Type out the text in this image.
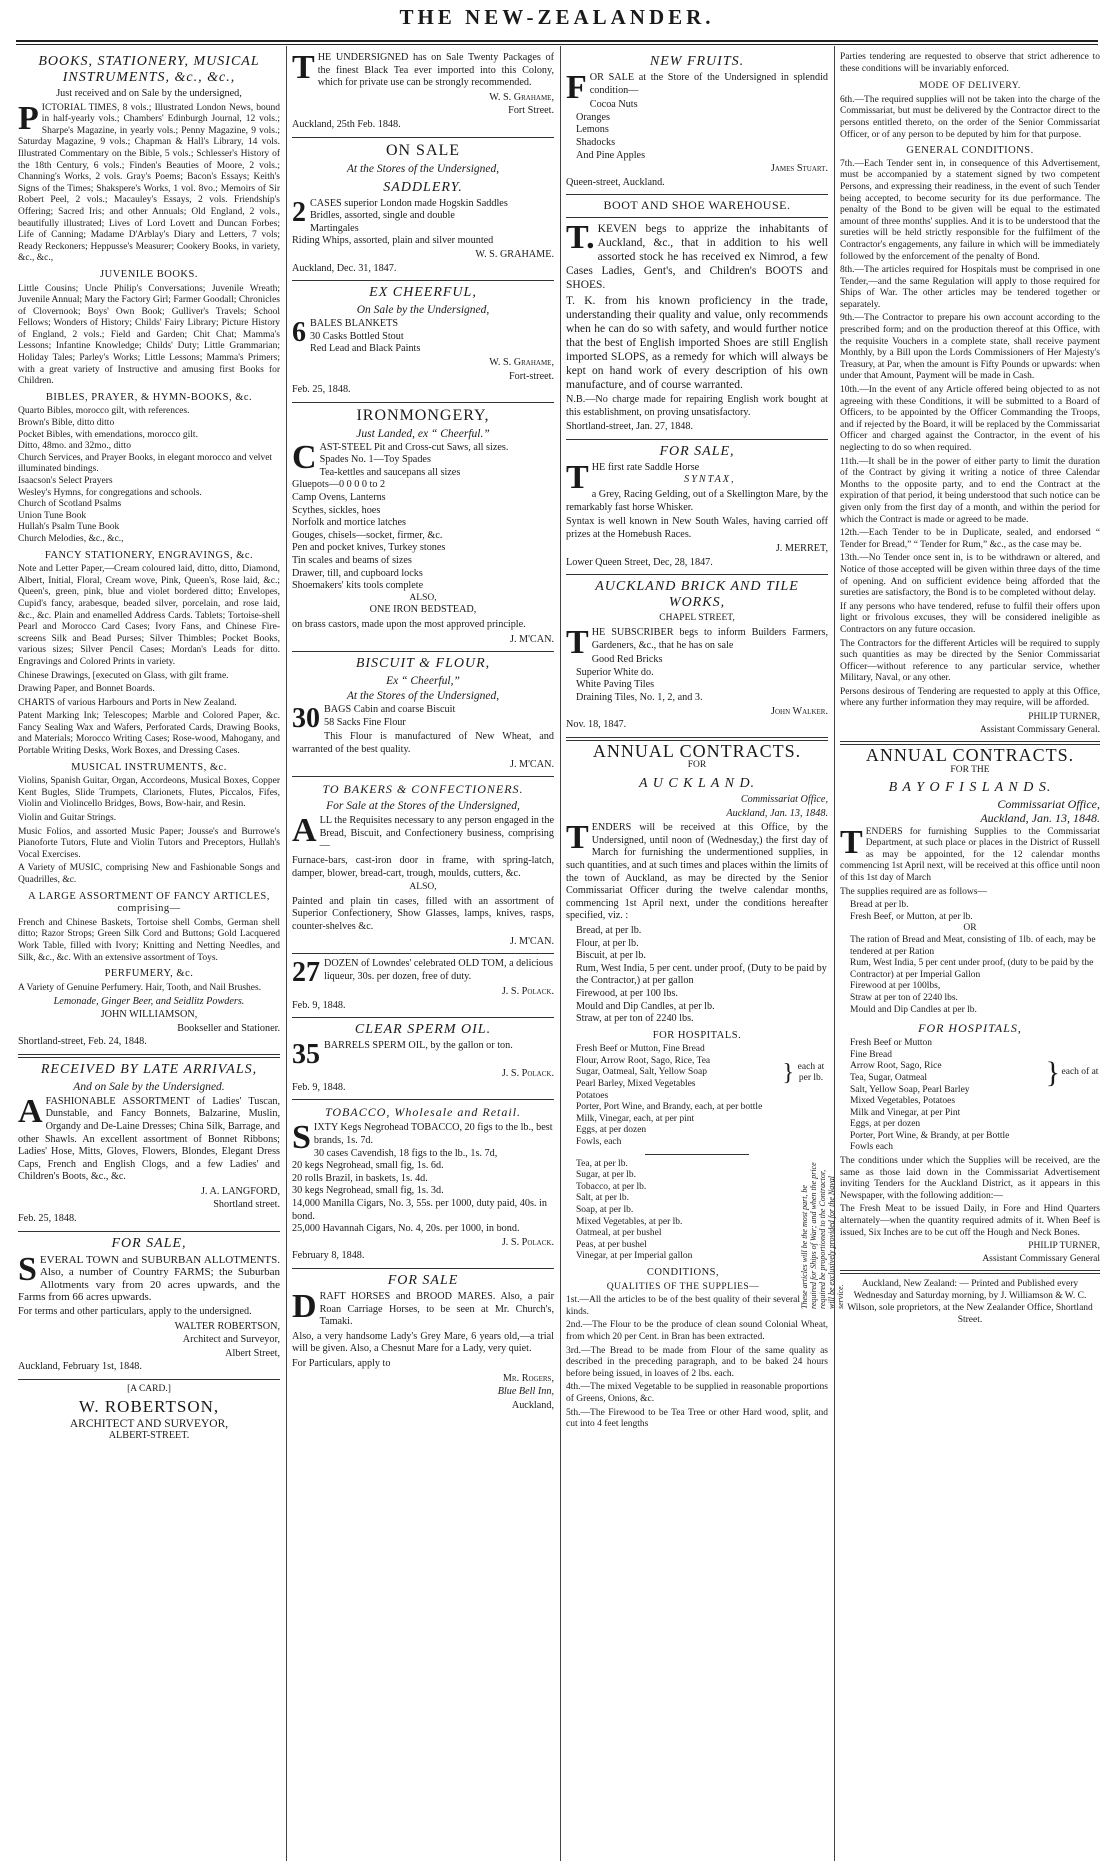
THE NEW-ZEALANDER.
BOOKS, STATIONERY, MUSICAL INSTRUMENTS, &c., &c.,
Just received and on Sale by the undersigned,
PICTORIAL TIMES, 8 vols.; Illustrated London News, bound in half-yearly vols.; Chambers' Edinburgh Journal, 12 vols.; Sharpe's Magazine, in yearly vols.; Penny Magazine, 9 vols.; Saturday Magazine, 9 vols.; Chapman & Hall's Library, 14 vols. Illustrated Commentary on the Bible, 5 vols.; Schlesser's History of the 18th Century, 6 vols.; Finden's Beauties of Moore, 2 vols.; Channing's Works, 2 vols. Gray's Poems; Bacon's Essays; Keith's Signs of the Times; Shakspere's Works, 1 vol. 8vo.; Memoirs of Sir Robert Peel, 2 vols.; Macauley's Essays, 2 vols. Friendship's Offering; Sacred Iris; and other Annuals; Old England, 2 vols., beautifully illustrated; Lives of Lord Lovett and Duncan Forbes; Life of Canning; Madame D'Arblay's Diary and Letters, 7 vols; Ready Reckoners; Heppusse's Measurer; Cookery Books, in variety, &c., &c.,
JUVENILE BOOKS.
Little Cousins; Uncle Philip's Conversations; Juvenile Wreath; Juvenile Annual; Mary the Factory Girl; Farmer Goodall; Chronicles of Clovernook; Boys' Own Book; Gulliver's Travels; School Fellows; Wonders of History; Childs' Fairy Library; Picture History of England, 2 vols.; Field and Garden; Chit Chat; Mamma's Lessons; Infantine Knowledge; Childs' Duty; Little Grammarian; Holiday Tales; Parley's Works; Little Lessons; Mamma's Primers; with a great variety of Instructive and amusing first Books for Children.
BIBLES, PRAYER, & HYMN-BOOKS, &c.
Quarto Bibles, morocco gilt, with references.
Brown's Bible, ditto ditto
Pocket Bibles, with emendations, morocco gilt.
Ditto, 48mo. and 32mo., ditto
Church Services, and Prayer Books, in elegant morocco and velvet illuminated bindings.
Isaacson's Select Prayers
Wesley's Hymns, for congregations and schools.
Church of Scotland Psalms
Union Tune Book
Hullah's Psalm Tune Book
Church Melodies, &c., &c.,
FANCY STATIONERY, ENGRAVINGS, &c.
Note and Letter Paper,—Cream coloured laid, ditto, ditto, Diamond, Albert, Initial, Floral, Cream wove, Pink, Queen's, Rose laid, &c.; Queen's, green, pink, blue and violet bordered ditto; Envelopes, Cupid's fancy, arabesque, beaded silver, porcelain, and rose laid, &c., &c. Plain and enamelled Address Cards. Tablets; Tortoise-shell Pearl and Morocco Card Cases; Ivory Fans, and Chinese Fire-screens Silk and Bead Purses; Silver Thimbles; Pocket Books, various sizes; Silver Pencil Cases; Mordan's Leads for ditto. Engravings and Colored Prints in variety.
Chinese Drawings, [executed on Glass, with gilt frame.
Drawing Paper, and Bonnet Boards.
CHARTS of various Harbours and Ports in New Zealand.
Patent Marking Ink; Telescopes; Marble and Colored Paper, &c. Fancy Sealing Wax and Wafers, Perforated Cards, Drawing Books, and Materials; Morocco Writing Cases; Rose-wood, Mahogany, and Portable Writing Desks, Work Boxes, and Dressing Cases.
MUSICAL INSTRUMENTS, &c.
Violins, Spanish Guitar, Organ, Accordeons, Musical Boxes, Copper Kent Bugles, Slide Trumpets, Clarionets, Flutes, Piccalos, Fifes, Violin and Violincello Bridges, Bows, Bow-hair, and Resin.
Violin and Guitar Strings.
Music Folios, and assorted Music Paper; Jousse's and Burrowe's Pianoforte Tutors, Flute and Violin Tutors and Preceptors, Hullah's Vocal Exercises.
A Variety of MUSIC, comprising New and Fashionable Songs and Quadrilles, &c.
A LARGE ASSORTMENT OF FANCY ARTICLES, comprising—
French and Chinese Baskets, Tortoise shell Combs, German shell ditto; Razor Strops; Green Silk Cord and Buttons; Gold Lacquered Work Table, filled with Ivory; Knitting and Netting Needles, and Silk, &c., &c. With an extensive assortment of Toys.
PERFUMERY, &c.
A Variety of Genuine Perfumery. Hair, Tooth, and Nail Brushes.
Lemonade, Ginger Beer, and Seidlitz Powders.
JOHN WILLIAMSON,
Bookseller and Stationer.
Shortland-street, Feb. 24, 1848.
RECEIVED BY LATE ARRIVALS,
And on Sale by the Undersigned.
AFASHIONABLE ASSORTMENT of Ladies' Tuscan, Dunstable, and Fancy Bonnets, Balzarine, Muslin, Organdy and De-Laine Dresses; China Silk, Barrage, and other Shawls. An excellent assortment of Bonnet Ribbons; Ladies' Hose, Mitts, Gloves, Flowers, Blondes, Elegant Dress Caps, French and English Clogs, and a few Ladies' and Children's Boots, &c., &c.
J. A. LANGFORD,
Shortland street.
Feb. 25, 1848.
FOR SALE,
SEVERAL TOWN and SUBURBAN ALLOTMENTS. Also, a number of Country FARMS; the Suburban Allotments vary from 20 acres upwards, and the Farms from 66 acres upwards.
For terms and other particulars, apply to the undersigned.
WALTER ROBERTSON,
Architect and Surveyor,
Albert Street,
Auckland, February 1st, 1848.
[A CARD.]
W. ROBERTSON,
ARCHITECT AND SURVEYOR,
ALBERT-STREET.
THE UNDERSIGNED has on Sale Twenty Packages of the finest Black Tea ever imported into this Colony, which for private use can be strongly recommended.
W. S. Grahame,
Fort Street.
Auckland, 25th Feb. 1848.
ON SALE
At the Stores of the Undersigned,
SADDLERY.
2 CASES superior London made Hogskin Saddles
Bridles, assorted, single and double
Martingales
Riding Whips, assorted, plain and silver mounted
W. S. GRAHAME.
Auckland, Dec. 31, 1847.
EX CHEERFUL,
On Sale by the Undersigned,
6 BALES BLANKETS
30 Casks Bottled Stout
Red Lead and Black Paints
W. S. Grahame,
Fort-street.
Feb. 25, 1848.
IRONMONGERY,
Just Landed, ex “ Cheerful.”
CAST-STEEL Pit and Cross-cut Saws, all sizes.
Spades No. 1—Toy Spades
Tea-kettles and saucepans all sizes
Gluepots—0 0 0 0 to 2
Camp Ovens, Lanterns
Scythes, sickles, hoes
Norfolk and mortice latches
Gouges, chisels—socket, firmer, &c.
Pen and pocket knives, Turkey stones
Tin scales and beams of sizes
Drawer, till, and cupboard locks
Shoemakers' kits tools complete
ALSO,
ONE IRON BEDSTEAD,
on brass castors, made upon the most approved principle.
J. M'CAN.
BISCUIT & FLOUR,
Ex “ Cheerful,”
At the Stores of the Undersigned,
30 BAGS Cabin and coarse Biscuit
58 Sacks Fine Flour
This Flour is manufactured of New Wheat, and warranted of the best quality.
J. M'CAN.
TO BAKERS & CONFECTIONERS.
For Sale at the Stores of the Undersigned,
ALL the Requisites necessary to any person engaged in the Bread, Biscuit, and Confectionery business, comprising—
Furnace-bars, cast-iron door in frame, with spring-latch, damper, blower, bread-cart, trough, moulds, cutters, &c.
ALSO,
Painted and plain tin cases, filled with an assortment of Superior Confectionery, Show Glasses, lamps, knives, rasps, counter-shelves &c.
J. M'CAN.
27 DOZEN of Lowndes' celebrated OLD TOM, a delicious liqueur, 30s. per dozen, free of duty.
J. S. Polack.
Feb. 9, 1848.
CLEAR SPERM OIL.
35 BARRELS SPERM OIL, by the gallon or ton.
J. S. Polack.
Feb. 9, 1848.
TOBACCO, Wholesale and Retail.
SIXTY Kegs Negrohead TOBACCO, 20 figs to the lb., best brands, 1s. 7d.
30 cases Cavendish, 18 figs to the lb., 1s. 7d,
20 kegs Negrohead, small fig, 1s. 6d.
20 rolls Brazil, in baskets, 1s. 4d.
30 kegs Negrohead, small fig, 1s. 3d.
14,000 Manilla Cigars, No. 3, 55s. per 1000, duty paid, 40s. in bond.
25,000 Havannah Cigars, No. 4, 20s. per 1000, in bond.
J. S. Polack.
February 8, 1848.
FOR SALE
DRAFT HORSES and BROOD MARES. Also, a pair Roan Carriage Horses, to be seen at Mr. Church's, Tamaki.
Also, a very handsome Lady's Grey Mare, 6 years old,—a trial will be given. Also, a Chesnut Mare for a Lady, very quiet.
For Particulars, apply to
Mr. Rogers,
Blue Bell Inn,
Auckland,
NEW FRUITS.
FOR SALE at the Store of the Undersigned in splendid condition—
Cocoa Nuts
Oranges
Lemons
Shadocks
And Pine Apples
James Stuart.
Queen-street, Auckland.
BOOT AND SHOE WAREHOUSE.
T.KEVEN begs to apprize the inhabitants of Auckland, &c., that in addition to his well assorted stock he has received ex Nimrod, a few Cases Ladies, Gent's, and Children's BOOTS and SHOES.
T. K. from his known proficiency in the trade, understanding their quality and value, only recommends when he can do so with safety, and would further notice that the best of English imported Shoes are still English imported SLOPS, as a remedy for which will always be kept on hand work of every description of his own manufacture, and of course warranted.
N.B.—No charge made for repairing English work bought at this establishment, on proving unsatisfactory.
Shortland-street, Jan. 27, 1848.
FOR SALE,
THE first rate Saddle Horse
SYNTAX,
a Grey, Racing Gelding, out of a Skellington Mare, by the remarkably fast horse Whisker.
Syntax is well known in New South Wales, having carried off prizes at the Homebush Races.
J. MERRET,
Lower Queen Street, Dec, 28, 1847.
AUCKLAND BRICK AND TILE WORKS,
CHAPEL STREET,
THE SUBSCRIBER begs to inform Builders Farmers, Gardeners, &c., that he has on sale
Good Red Bricks
Superior White do.
White Paving Tiles
Draining Tiles, No. 1, 2, and 3.
John Walker.
Nov. 18, 1847.
ANNUAL CONTRACTS.
FOR
A U C K L A N D.
Commissariat Office,
Auckland, Jan. 13, 1848.
TENDERS will be received at this Office, by the Undersigned, until noon of (Wednesday,) the first day of March for furnishing the undermentioned supplies, in such quantities, and at such times and places within the limits of the town of Auckland, as may be directed by the Senior Commissariat Officer during the twelve calendar months, commencing 1st April next, under the conditions hereafter specified, viz. :
Bread, at per lb.
Flour, at per lb.
Biscuit, at per lb.
Rum, West India, 5 per cent. under proof, (Duty to be paid by the Contractor,) at per gallon
Firewood, at per 100 lbs.
Mould and Dip Candles, at per lb.
Straw, at per ton of 2240 lbs.
FOR HOSPITALS.
Fresh Beef or Mutton, Fine Bread
Flour, Arrow Root, Sago, Rice, Tea
Sugar, Oatmeal, Salt, Yellow Soap
Pearl Barley, Mixed Vegetables
Potatoes
} each at per lb.
Porter, Port Wine, and Brandy, each, at per bottle
Milk, Vinegar, each, at per pint
Eggs, at per dozen
Fowls, each
These articles will be the most part, be required for Ships of War; and when the price required be proportioned to the Contractor, will be exclusively provided for the Naval service.
Tea, at per lb.
Sugar, at per lb.
Tobacco, at per lb.
Salt, at per lb.
Soap, at per lb.
Mixed Vegetables, at per lb.
Oatmeal, at per bushel
Peas, at per bushel
Vinegar, at per Imperial gallon
CONDITIONS,
QUALITIES OF THE SUPPLIES—
1st.—All the articles to be of the best quality of their several kinds.
2nd.—The Flour to be the produce of clean sound Colonial Wheat, from which 20 per Cent. in Bran has been extracted.
3rd.—The Bread to be made from Flour of the same quality as described in the preceding paragraph, and to be baked 24 hours before being issued, in loaves of 2 lbs. each.
4th.—The mixed Vegetable to be supplied in reasonable proportions of Greens, Onions, &c.
5th.—The Firewood to be Tea Tree or other Hard wood, split, and cut into 4 feet lengths
Parties tendering are requested to observe that strict adherence to these conditions will be invariably enforced.
MODE OF DELIVERY.
6th.—The required supplies will not be taken into the charge of the Commissariat, but must be delivered by the Contractor direct to the persons entitled thereto, on the order of the Senior Commissariat Officer, or of any person to be deputed by him for that purpose.
GENERAL CONDITIONS.
7th.—Each Tender sent in, in consequence of this Advertisement, must be accompanied by a statement signed by two competent Persons, and expressing their readiness, in the event of such Tender being accepted, to become security for its due performance. The penalty of the Bond to be given will be equal to the estimated amount of three months' supplies. And it is to be understood that the sureties will be held strictly responsible for the fulfilment of the Contractor's engagements, any failure in which will be immediately followed by the enforcement of the penalty of Bond.
8th.—The articles required for Hospitals must be comprised in one Tender,—and the same Regulation will apply to those required for Ships of War. The other articles may be tendered together or separately.
9th.—The Contractor to prepare his own account according to the prescribed form; and on the production thereof at this Office, with the requisite Vouchers in a complete state, shall receive payment Monthly, by a Bill upon the Lords Commissioners of Her Majesty's Treasury, at Par, when the amount is Fifty Pounds or upwards: when under that Amount, Payment will be made in Cash.
10th.—In the event of any Article offered being objected to as not agreeing with these Conditions, it will be submitted to a Board of Officers, to be appointed by the Officer Commanding the Troops, and if rejected by the Board, it will be replaced by the Commissariat Officer and charged against the Contractor, in the event of his neglecting to do so when required.
11th.—It shall be in the power of either party to limit the duration of the Contract by giving it writing a notice of three Calendar Months to the opposite party, and to end the Contract at the expiration of that period, it being understood that such notice can be given only from the first day of a month, and within the period for which the Contract is made or agreed to be made.
12th.—Each Tender to be in Duplicate, sealed, and endorsed “ Tender for Bread,” “ Tender for Rum,” &c., as the case may be.
13th.—No Tender once sent in, is to be withdrawn or altered, and Notice of those accepted will be given within three days of the time of opening. And on sufficient evidence being afforded that the sureties are satisfactory, the Bond is to be completed without delay.
If any persons who have tendered, refuse to fulfil their offers upon light or frivolous excuses, they will be considered ineligible as Contractors on any future occasion.
The Contractors for the different Articles will be required to supply such quantities as may be directed by the Senior Commissariat Officer—without reference to any particular service, whether Military, Naval, or any other.
Persons desirous of Tendering are requested to apply at this Office, where any further information they may require, will be afforded.
PHILIP TURNER,
Assistant Commissary General.
ANNUAL CONTRACTS.
FOR THE
B A Y O F I S L A N D S.
Commissariat Office,
Auckland, Jan. 13, 1848.
TENDERS for furnishing Supplies to the Commissariat Department, at such place or places in the District of Russell as may be appointed, for the 12 calendar months commencing 1st April next, will be received at this office until noon of this 1st day of March
The supplies required are as follows—
Bread at per lb.
Fresh Beef, or Mutton, at per lb.
OR
The ration of Bread and Meat, consisting of 1lb. of each, may be tendered at per Ration
Rum, West India, 5 per cent under proof, (duty to be paid by the Contractor) at per Imperial Gallon
Firewood at per 100lbs,
Straw at per ton of 2240 lbs.
Mould and Dip Candles at per lb.
FOR HOSPITALS,
Fresh Beef or Mutton
Fine Bread
Arrow Root, Sago, Rice
Tea, Sugar, Oatmeal
Salt, Yellow Soap, Pearl Barley
Mixed Vegetables, Potatoes
} each of at
Milk and Vinegar, at per Pint
Eggs, at per dozen
Porter, Port Wine, & Brandy, at per Bottle
Fowls each
The conditions under which the Supplies will be received, are the same as those laid down in the Commissariat Advertisement inviting Tenders for the Auckland District, as it appears in this Newspaper, with the following addition:—
The Fresh Meat to be issued Daily, in Fore and Hind Quarters alternately—when the quantity required admits of it. When Beef is issued, Six Inches are to be cut off the Hough and Neck Bones.
PHILIP TURNER,
Assistant Commissary General
Auckland, New Zealand: — Printed and Published every Wednesday and Saturday morning, by J. Williamson & W. C. Wilson, sole proprietors, at the New Zealander Office, Shortland Street.
